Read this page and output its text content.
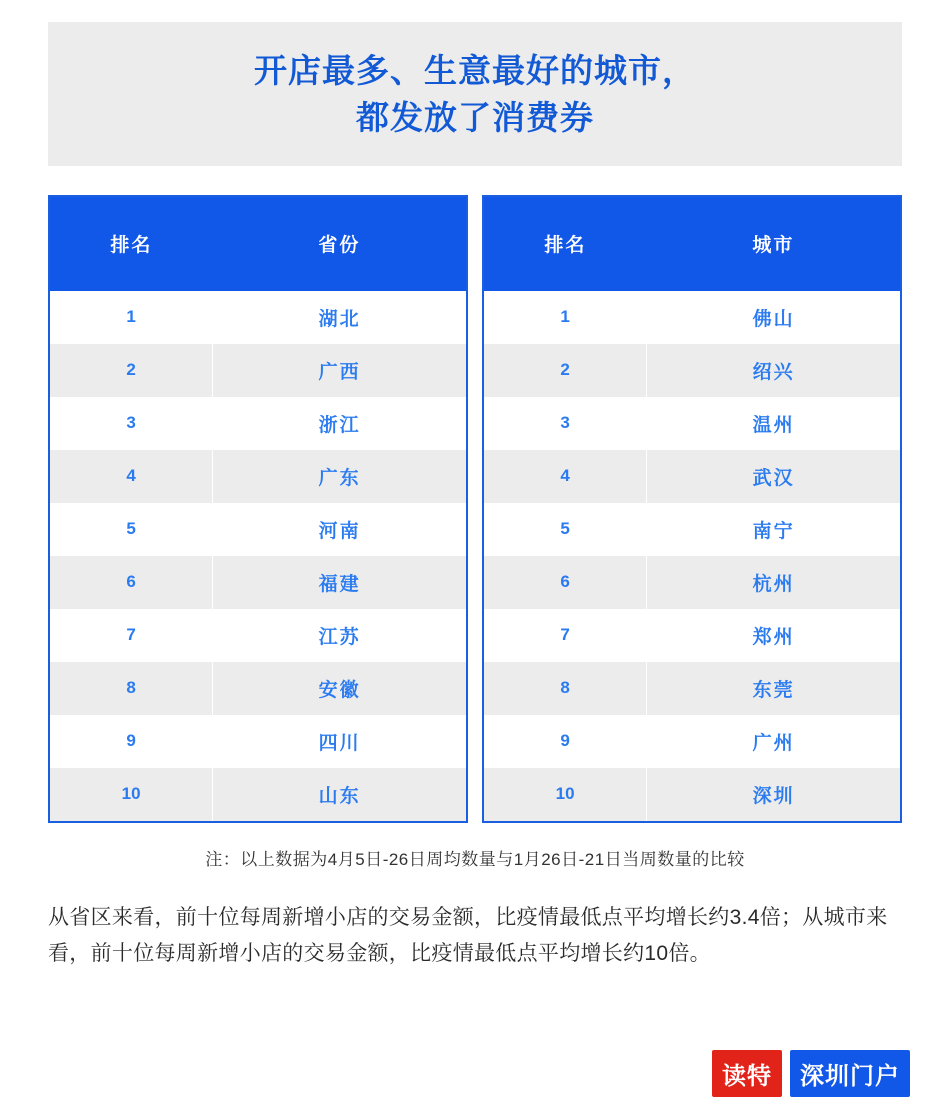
开店最多、生意最好的城市，
都发放了消费券
排名	省份
1	湖北
2	广西
3	浙江
4	广东
5	河南
6	福建
7	江苏
8	安徽
9	四川
10	山东
排名	城市
1	佛山
2	绍兴
3	温州
4	武汉
5	南宁
6	杭州
7	郑州
8	东莞
9	广州
10	深圳
注：以上数据为4月5日-26日周均数量与1月26日-21日当周数量的比较
从省区来看，前十位每周新增小店的交易金额，比疫情最低点平均增长约3.4倍；从城市来看，前十位每周新增小店的交易金额，比疫情最低点平均增长约10倍。
读特	深圳门户
